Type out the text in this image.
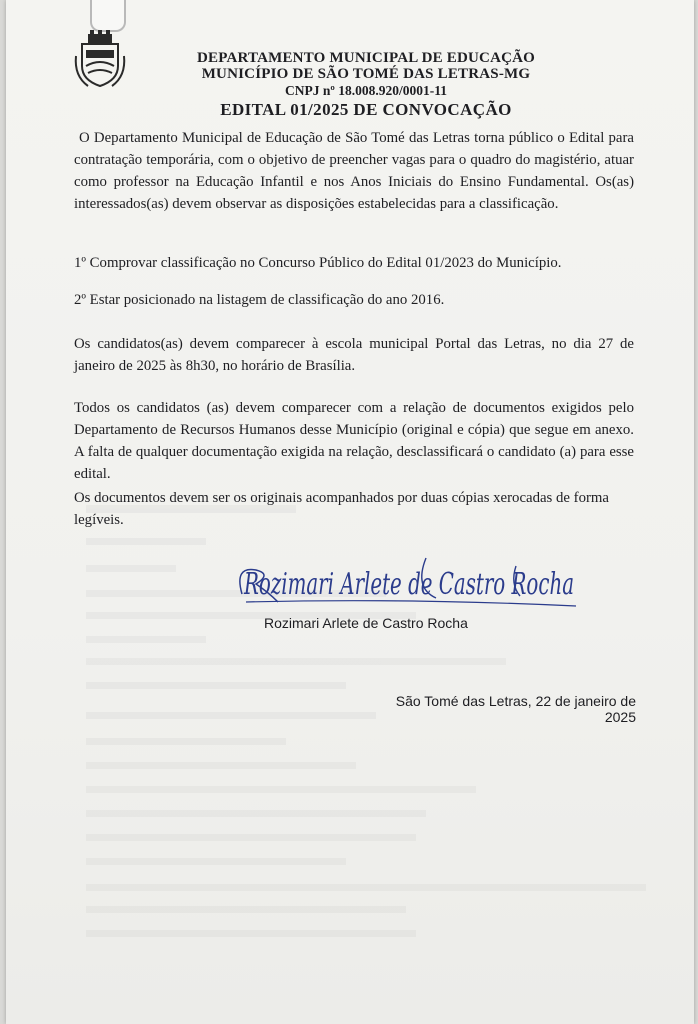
DEPARTAMENTO MUNICIPAL DE EDUCAÇÃO
MUNICÍPIO DE SÃO TOMÉ DAS LETRAS-MG
CNPJ nº 18.008.920/0001-11
EDITAL 01/2025 DE CONVOCAÇÃO
O Departamento Municipal de Educação de São Tomé das Letras torna público o Edital para contratação temporária, com o objetivo de preencher vagas para o quadro do magistério, atuar como professor na Educação Infantil e nos Anos Iniciais do Ensino Fundamental. Os(as) interessados(as) devem observar as disposições estabelecidas para a classificação.
1º Comprovar classificação no Concurso Público do Edital 01/2023 do Município.
2º Estar posicionado na listagem de classificação do ano 2016.
Os candidatos(as) devem comparecer à escola municipal Portal das Letras, no dia 27 de janeiro de 2025 às 8h30, no horário de Brasília.
Todos os candidatos (as) devem comparecer com a relação de documentos exigidos pelo Departamento de Recursos Humanos desse Município (original e cópia) que segue em anexo. A falta de qualquer documentação exigida na relação, desclassificará o candidato (a) para esse edital.
Os documentos devem ser os originais acompanhados por duas cópias xerocadas de forma legíveis.
Rozimari Arlete de Castro Rocha
Rozimari Arlete de Castro Rocha
São Tomé das Letras, 22 de janeiro de 2025
